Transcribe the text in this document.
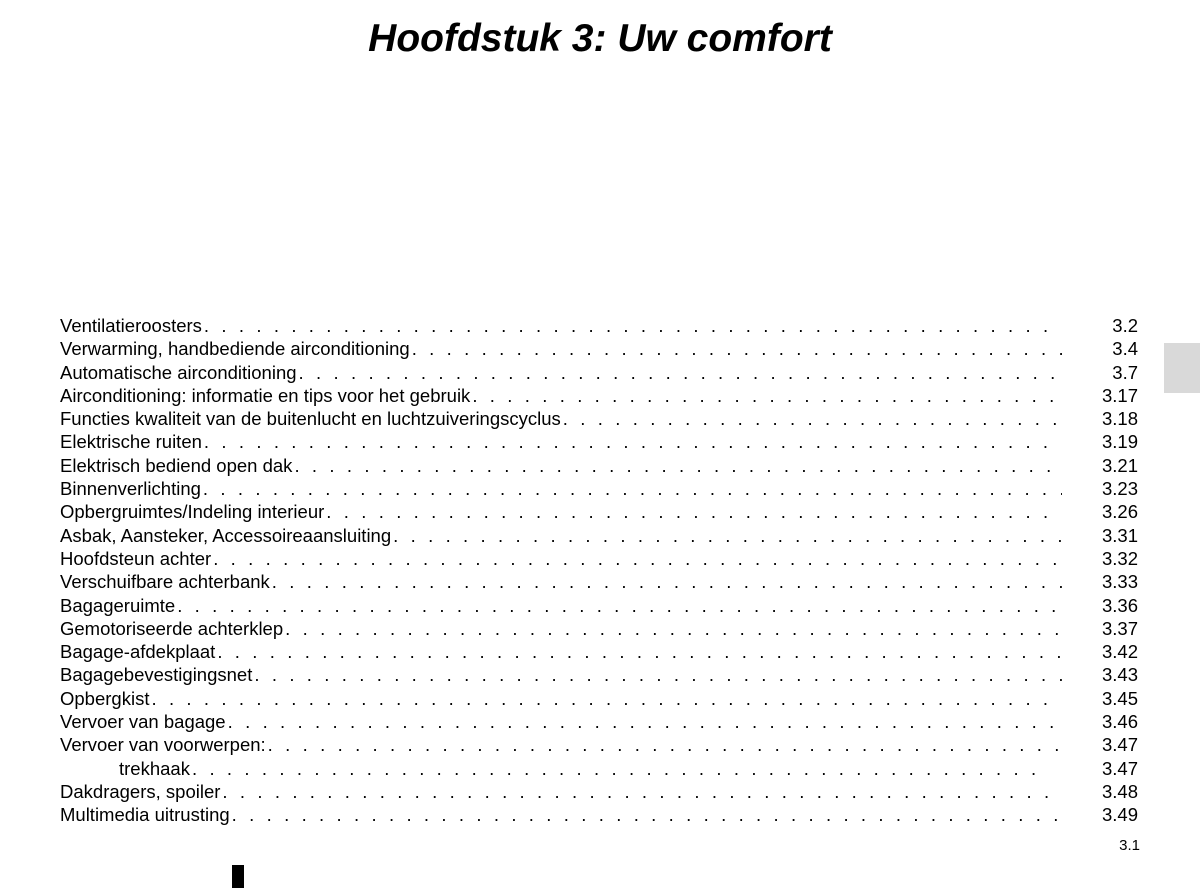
Hoofdstuk 3: Uw comfort
Ventilatieroosters . . .	3.2
Verwarming, handbediende airconditioning . . .	3.4
Automatische airconditioning . . .	3.7
Airconditioning: informatie en tips voor het gebruik . . .	3.17
Functies kwaliteit van de buitenlucht en luchtzuiveringscyclus . . .	3.18
Elektrische ruiten . . .	3.19
Elektrisch bediend open dak . . .	3.21
Binnenverlichting . . .	3.23
Opbergruimtes/Indeling interieur . . .	3.26
Asbak, Aansteker, Accessoireaansluiting . . .	3.31
Hoofdsteun achter . . .	3.32
Verschuifbare achterbank . . .	3.33
Bagageruimte . . .	3.36
Gemotoriseerde achterklep . . .	3.37
Bagage-afdekplaat . . .	3.42
Bagagebevestigingsnet . . .	3.43
Opbergkist . . .	3.45
Vervoer van bagage . . .	3.46
Vervoer van voorwerpen: . . .	3.47
trekhaak . . .	3.47
Dakdragers, spoiler . . .	3.48
Multimedia uitrusting . . .	3.49
3.1
